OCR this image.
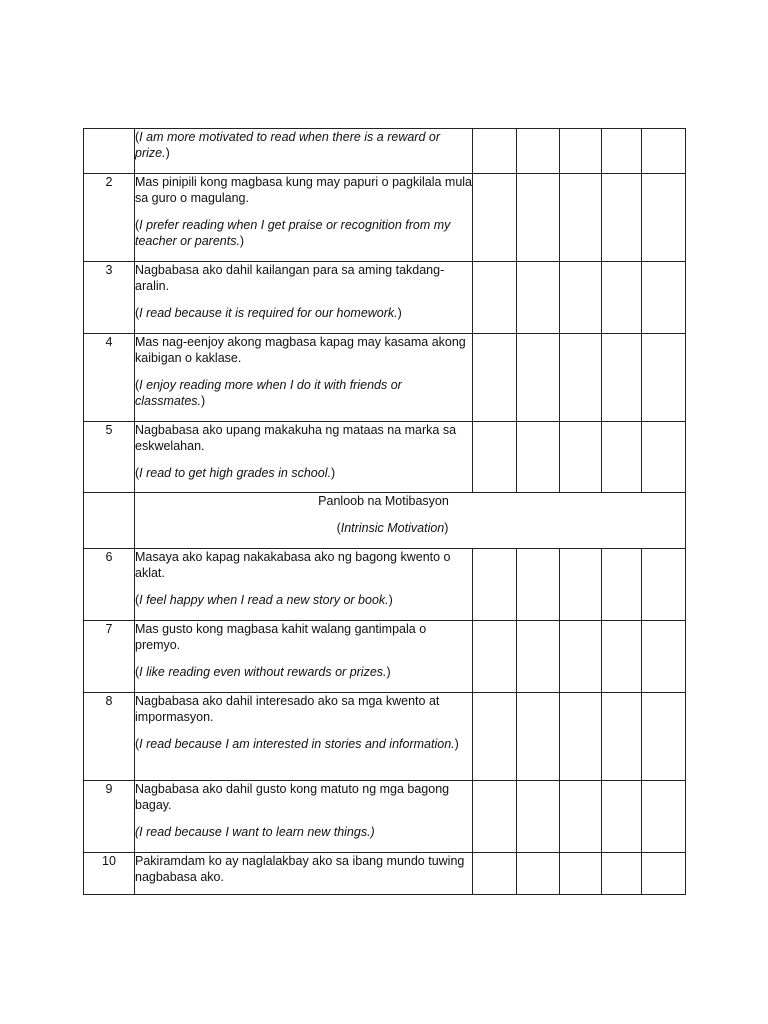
	(I am more motivated to read when there is a reward or prize.)					

2	Mas pinipili kong magbasa kung may papuri o pagkilala mula sa guro o magulang.
(I prefer reading when I get praise or recognition from my teacher or parents.)					

3	Nagbabasa ako dahil kailangan para sa aming takdang-aralin.
(I read because it is required for our homework.)					

4	Mas nag-eenjoy akong magbasa kapag may kasama akong kaibigan o kaklase.
(I enjoy reading more when I do it with friends or classmates.)					

5	Nagbabasa ako upang makakuha ng mataas na marka sa eskwelahan.
(I read to get high grades in school.)					

	Panloob na Motibasyon
(Intrinsic Motivation)					

6	Masaya ako kapag nakakabasa ako ng bagong kwento o aklat.
(I feel happy when I read a new story or book.)					

7	Mas gusto kong magbasa kahit walang gantimpala o premyo.
(I like reading even without rewards or prizes.)					

8	Nagbabasa ako dahil interesado ako sa mga kwento at impormasyon.
(I read because I am interested in stories and information.)					

9	Nagbabasa ako dahil gusto kong matuto ng mga bagong bagay.
(I read because I want to learn new things.)					

10	Pakiramdam ko ay naglalakbay ako sa ibang mundo tuwing nagbabasa ako.					
